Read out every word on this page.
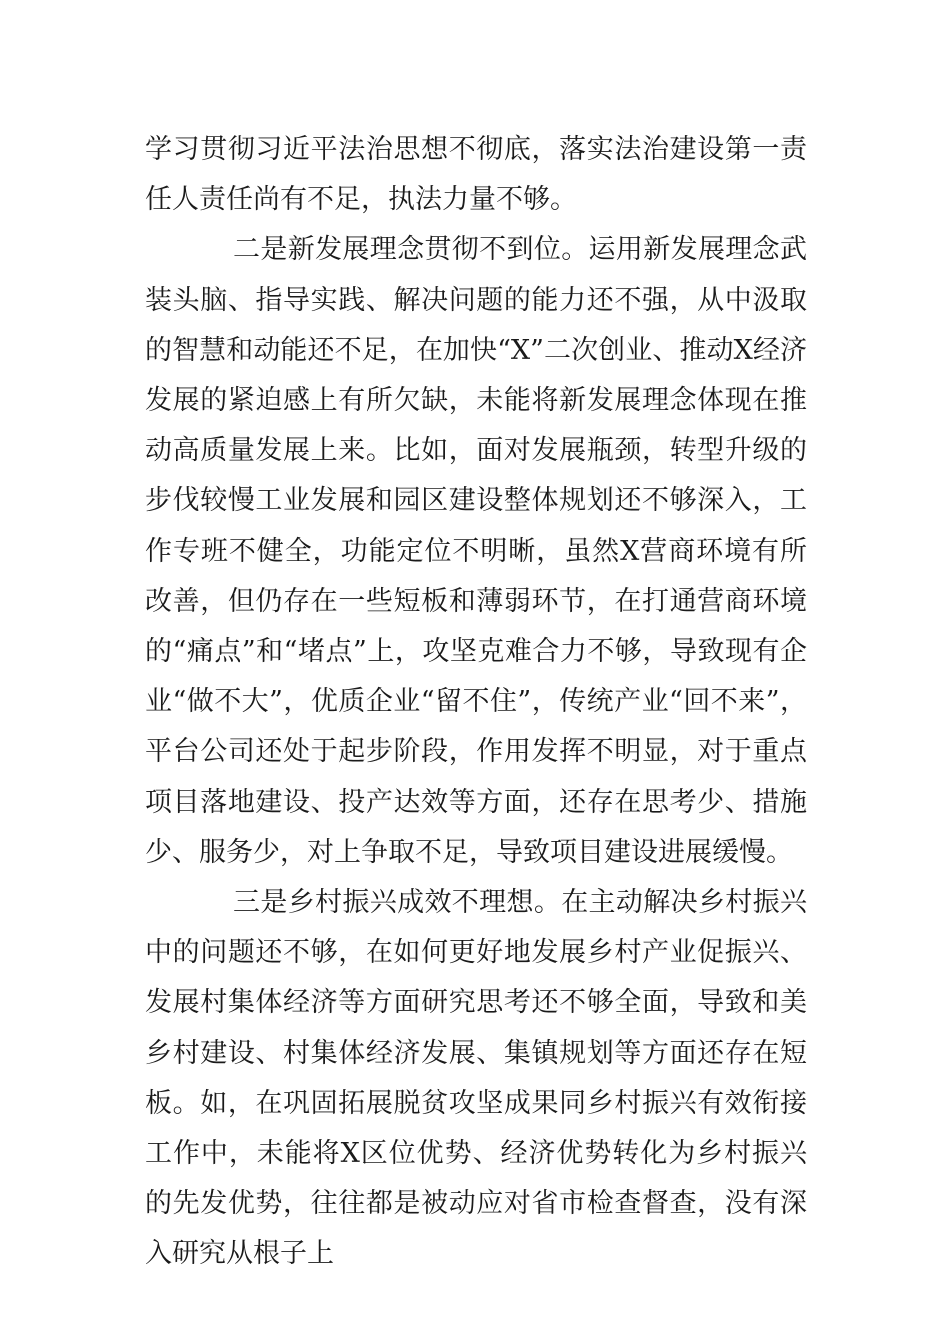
学习贯彻习近平法治思想不彻底，落实法治建设第一责任人责任尚有不足，执法力量不够。

二是新发展理念贯彻不到位。运用新发展理念武装头脑、指导实践、解决问题的能力还不强，从中汲取的智慧和动能还不足，在加快“X”二次创业、推动X经济发展的紧迫感上有所欠缺，未能将新发展理念体现在推动高质量发展上来。比如，面对发展瓶颈，转型升级的步伐较慢工业发展和园区建设整体规划还不够深入，工作专班不健全，功能定位不明晰，虽然X营商环境有所改善，但仍存在一些短板和薄弱环节，在打通营商环境的“痛点”和“堵点”上，攻坚克难合力不够，导致现有企业“做不大”，优质企业“留不住”，传统产业“回不来”，平台公司还处于起步阶段，作用发挥不明显，对于重点项目落地建设、投产达效等方面，还存在思考少、措施少、服务少，对上争取不足，导致项目建设进展缓慢。

三是乡村振兴成效不理想。在主动解决乡村振兴中的问题还不够，在如何更好地发展乡村产业促振兴、发展村集体经济等方面研究思考还不够全面，导致和美乡村建设、村集体经济发展、集镇规划等方面还存在短板。如，在巩固拓展脱贫攻坚成果同乡村振兴有效衔接工作中，未能将X区位优势、经济优势转化为乡村振兴的先发优势，往往都是被动应对省市检查督查，没有深入研究从根子上
